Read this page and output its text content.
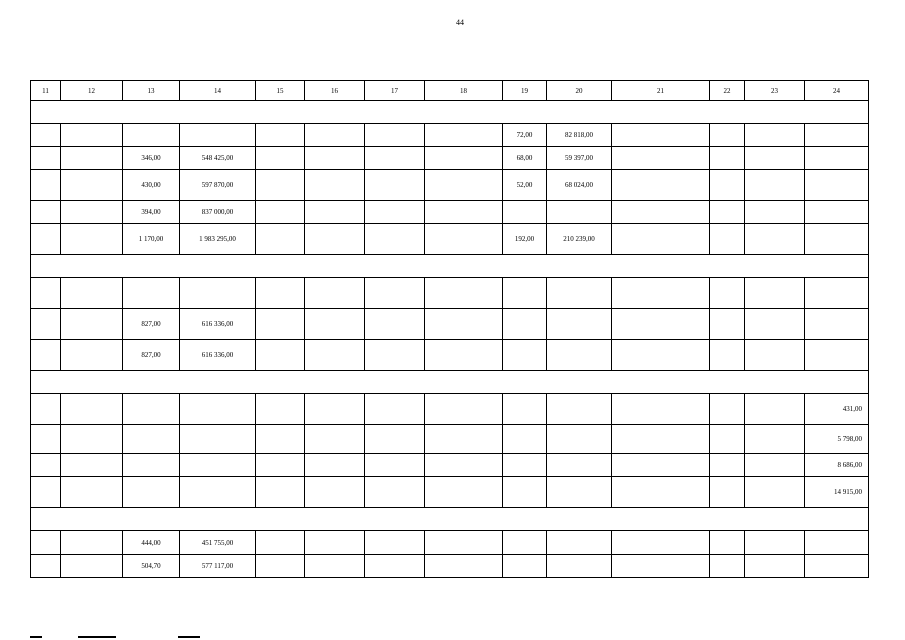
44
11	12	13	14	15	16	17	18	19	20	21	22	23	24

								72,00	82 818,00				
		346,00	548 425,00					68,00	59 397,00				
		430,00	597 870,00					52,00	68 024,00				
		394,00	837 000,00										
		1 170,00	1 983 295,00					192,00	210 239,00				

		827,00	616 336,00										
		827,00	616 336,00										

													431,00
													5 798,00
													8 686,00
													14 915,00

		444,00	451 755,00										
		504,70	577 117,00										
